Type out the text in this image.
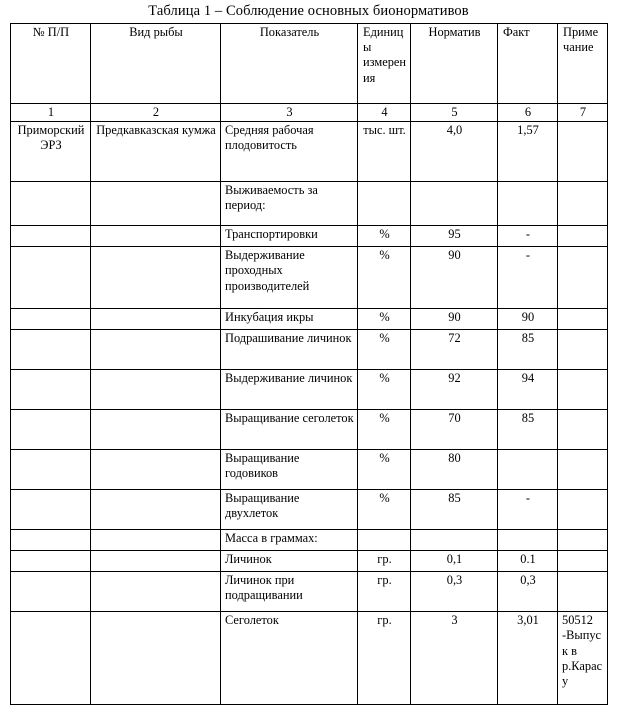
Таблица 1 – Соблюдение основных бионормативов
№ П/П	Вид рыбы	Показатель	Единицы измерения	Норматив	Факт	Примечание
1	2	3	4	5	6	7
Приморский ЭРЗ	Предкавказская кумжа	Средняя рабочая плодовитость	тыс. шт.	4,0	1,57	
		Выживаемость за период:				
		Транспортировки	%	95	-	
		Выдерживание проходных производителей	%	90	-	
		Инкубация икры	%	90	90	
		Подрашивание личинок	%	72	85	
		Выдерживание личинок	%	92	94	
		Выращивание сеголеток	%	70	85	
		Выращивание годовиков	%	80		
		Выращивание двухлеток	%	85	-	
		Масса в граммах:				
		Личинок	гр.	0,1	0.1	
		Личинок при подращивании	гр.	0,3	0,3	
		Сеголеток	гр.	3	3,01	50512 -Выпуск в р.Карасу
